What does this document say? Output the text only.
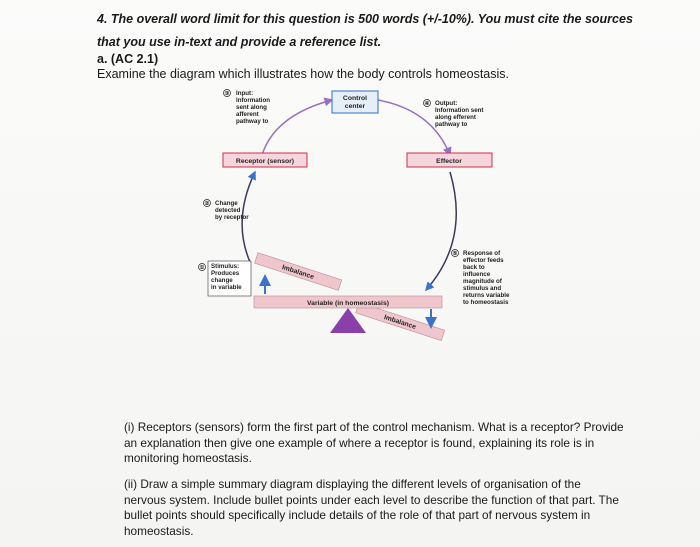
4. The overall word limit for this question is 500 words (+/-10%). You must cite the sources that you use in-text and provide a reference list.
a. (AC 2.1)
Examine the diagram which illustrates how the body controls homeostasis.
Control
center
Receptor (sensor)	Effector
③ Input:
Information
sent along
afferent
pathway to
④ Output:
Information sent
along efferent
pathway to
② Change
detected
by receptor
⑤ Response of
effector feeds
back to
influence
magnitude of
stimulus and
returns variable
to homeostasis
① Stimulus:
Produces
change
in variable
Imbalance
Imbalance
Variable (in homeostasis)
(i) Receptors (sensors) form the first part of the control mechanism. What is a receptor? Provide an explanation then give one example of where a receptor is found, explaining its role is in monitoring homeostasis.
(ii) Draw a simple summary diagram displaying the different levels of organisation of the nervous system. Include bullet points under each level to describe the function of that part. The bullet points should specifically include details of the role of that part of nervous system in homeostasis.
